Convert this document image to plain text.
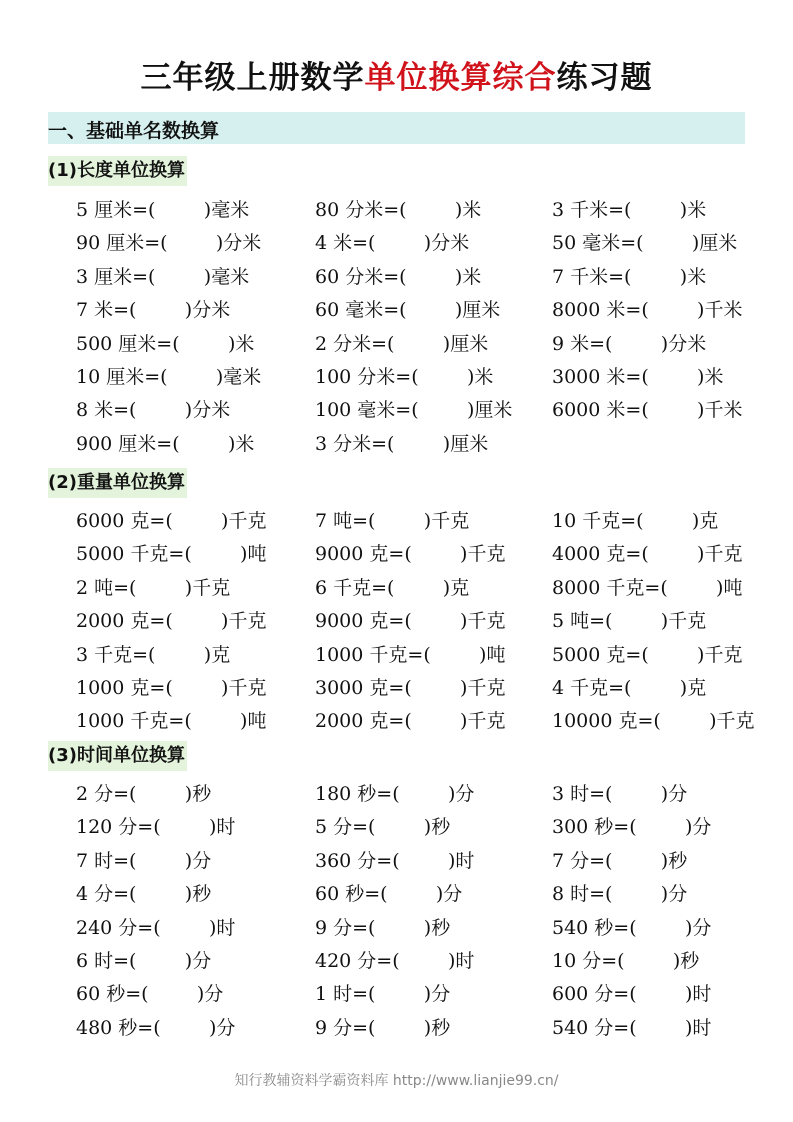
三年级上册数学单位换算综合练习题
一、基础单名数换算
(1)长度单位换算
5 厘米=(        )毫米	80 分米=(        )米	3 千米=(        )米
90 厘米=(        )分米	4 米=(        )分米	50 毫米=(        )厘米
3 厘米=(        )毫米	60 分米=(        )米	7 千米=(        )米
7 米=(        )分米	60 毫米=(        )厘米	8000 米=(        )千米
500 厘米=(        )米	2 分米=(        )厘米	9 米=(        )分米
10 厘米=(        )毫米	100 分米=(        )米	3000 米=(        )米
8 米=(        )分米	100 毫米=(        )厘米 6000 米=(        )千米
900 厘米=(        )米	3 分米=(        )厘米
(2)重量单位换算
6000 克=(        )千克	7 吨=(        )千克	10 千克=(        )克
5000 千克=(        )吨	9000 克=(        )千克 4000 克=(        )千克
2 吨=(        )千克	6 千克=(        )克	8000 千克=(        )吨
2000 克=(        )千克	9000 克=(        )千克 5 吨=(        )千克
3 千克=(        )克	1000 千克=(        )吨 5000 克=(        )千克
1000 克=(        )千克	3000 克=(        )千克 4 千克=(        )克
1000 千克=(        )吨	2000 克=(        )千克 10000 克=(        )千克
(3)时间单位换算
2 分=(        )秒	180 秒=(        )分	3 时=(        )分
120 分=(        )时	5 分=(        )秒	300 秒=(        )分
7 时=(        )分	360 分=(        )时	7 分=(        )秒
4 分=(        )秒	60 秒=(        )分	8 时=(        )分
240 分=(        )时	9 分=(        )秒	540 秒=(        )分
6 时=(        )分	420 分=(        )时	10 分=(        )秒
60 秒=(        )分	1 时=(        )分	600 分=(        )时
480 秒=(        )分	9 分=(        )秒	540 分=(        )时
知行教辅资料学霸资料库 http://www.lianjie99.cn/
